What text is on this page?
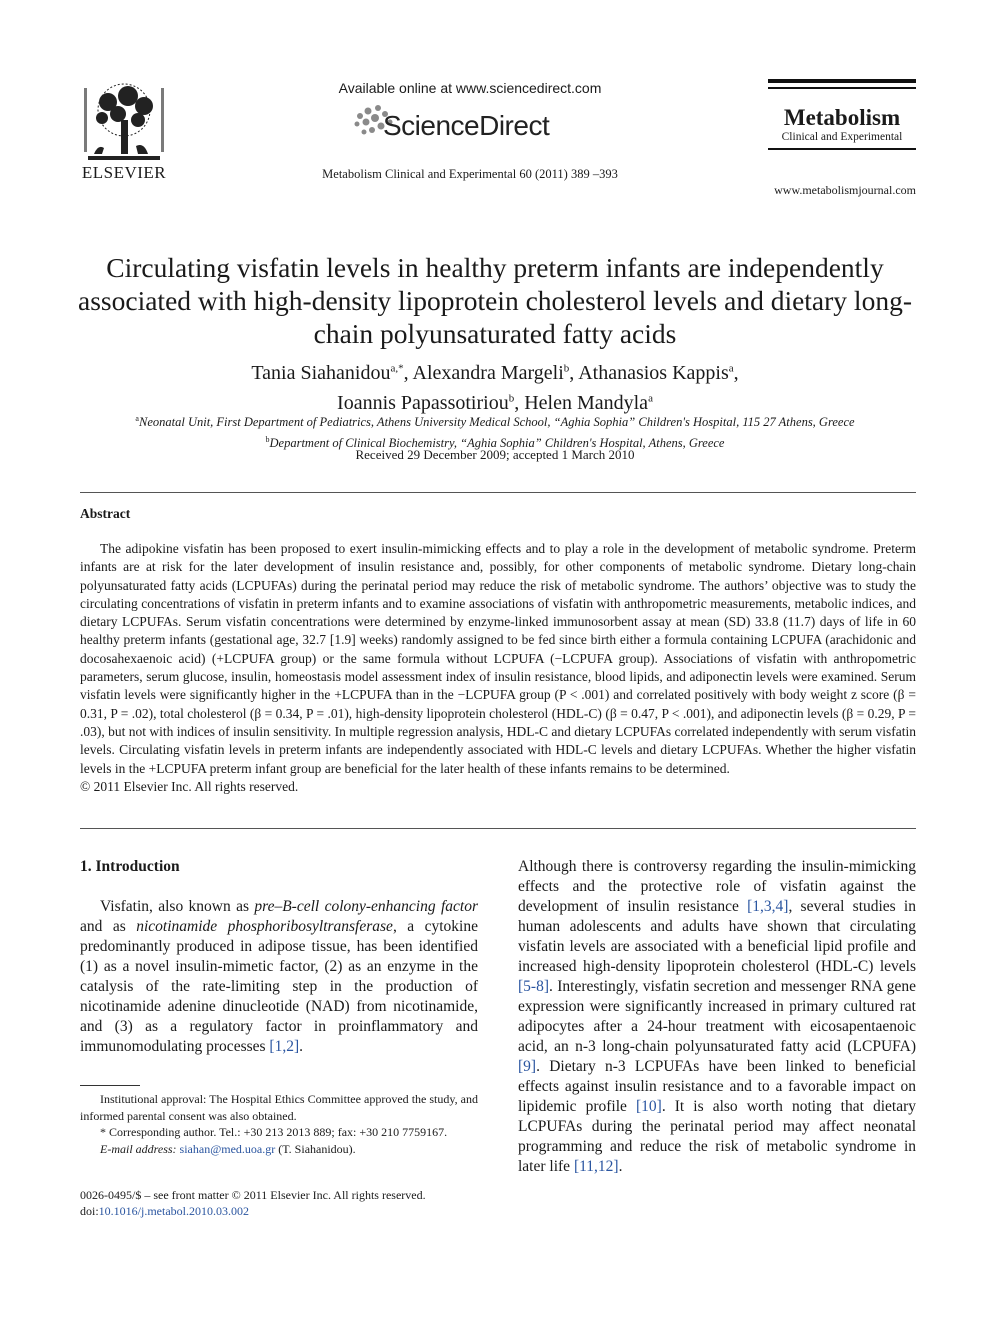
ELSEVIER
Available online at www.sciencedirect.com
ScienceDirect
Metabolism Clinical and Experimental 60 (2011) 389 –393
Metabolism
Clinical and Experimental
www.metabolismjournal.com
Circulating visfatin levels in healthy preterm infants are independently associated with high-density lipoprotein cholesterol levels and dietary long-chain polyunsaturated fatty acids
Tania Siahanidou$^{a,*}$, Alexandra Margeli$^b$, Athanasios Kappis$^a$,
Ioannis Papassotiriou$^b$, Helen Mandyla$^a$
$^a$Neonatal Unit, First Department of Pediatrics, Athens University Medical School, “Aghia Sophia” Children's Hospital, 115 27 Athens, Greece
$^b$Department of Clinical Biochemistry, “Aghia Sophia” Children's Hospital, Athens, Greece
Received 29 December 2009; accepted 1 March 2010
Abstract
The adipokine visfatin has been proposed to exert insulin-mimicking effects and to play a role in the development of metabolic syndrome. Preterm infants are at risk for the later development of insulin resistance and, possibly, for other components of metabolic syndrome. Dietary long-chain polyunsaturated fatty acids (LCPUFAs) during the perinatal period may reduce the risk of metabolic syndrome. The authors’ objective was to study the circulating concentrations of visfatin in preterm infants and to examine associations of visfatin with anthropometric measurements, metabolic indices, and dietary LCPUFAs. Serum visfatin concentrations were determined by enzyme-linked immunosorbent assay at mean (SD) 33.8 (11.7) days of life in 60 healthy preterm infants (gestational age, 32.7 [1.9] weeks) randomly assigned to be fed since birth either a formula containing LCPUFA (arachidonic and docosahexaenoic acid) (+LCPUFA group) or the same formula without LCPUFA (−LCPUFA group). Associations of visfatin with anthropometric parameters, serum glucose, insulin, homeostasis model assessment index of insulin resistance, blood lipids, and adiponectin levels were examined. Serum visfatin levels were significantly higher in the +LCPUFA than in the −LCPUFA group (P < .001) and correlated positively with body weight z score (β = 0.31, P = .02), total cholesterol (β = 0.34, P = .01), high-density lipoprotein cholesterol (HDL-C) (β = 0.47, P < .001), and adiponectin levels (β = 0.29, P = .03), but not with indices of insulin sensitivity. In multiple regression analysis, HDL-C and dietary LCPUFAs correlated independently with serum visfatin levels. Circulating visfatin levels in preterm infants are independently associated with HDL-C levels and dietary LCPUFAs. Whether the higher visfatin levels in the +LCPUFA preterm infant group are beneficial for the later health of these infants remains to be determined.
© 2011 Elsevier Inc. All rights reserved.
1. Introduction
Visfatin, also known as pre–B-cell colony-enhancing factor and as nicotinamide phosphoribosyltransferase, a cytokine predominantly produced in adipose tissue, has been identified (1) as a novel insulin-mimetic factor, (2) as an enzyme in the catalysis of the rate-limiting step in the production of nicotinamide adenine dinucleotide (NAD) from nicotinamide, and (3) as a regulatory factor in proinflammatory and immunomodulating processes [1,2].
Although there is controversy regarding the insulin-mimicking effects and the protective role of visfatin against the development of insulin resistance [1,3,4], several studies in human adolescents and adults have shown that circulating visfatin levels are associated with a beneficial lipid profile and increased high-density lipoprotein cholesterol (HDL-C) levels [5-8]. Interestingly, visfatin secretion and messenger RNA gene expression were significantly increased in primary cultured rat adipocytes after a 24-hour treatment with eicosapentaenoic acid, an n-3 long-chain polyunsaturated fatty acid (LCPUFA) [9]. Dietary n-3 LCPUFAs have been linked to beneficial effects against insulin resistance and to a favorable impact on lipidemic profile [10]. It is also worth noting that dietary LCPUFAs during the perinatal period may affect neonatal programming and reduce the risk of metabolic syndrome in later life [11,12].
Institutional approval: The Hospital Ethics Committee approved the study, and informed parental consent was also obtained.
* Corresponding author. Tel.: +30 213 2013 889; fax: +30 210 7759167.
E-mail address: siahan@med.uoa.gr (T. Siahanidou).
0026-0495/$ – see front matter © 2011 Elsevier Inc. All rights reserved.
doi:10.1016/j.metabol.2010.03.002
